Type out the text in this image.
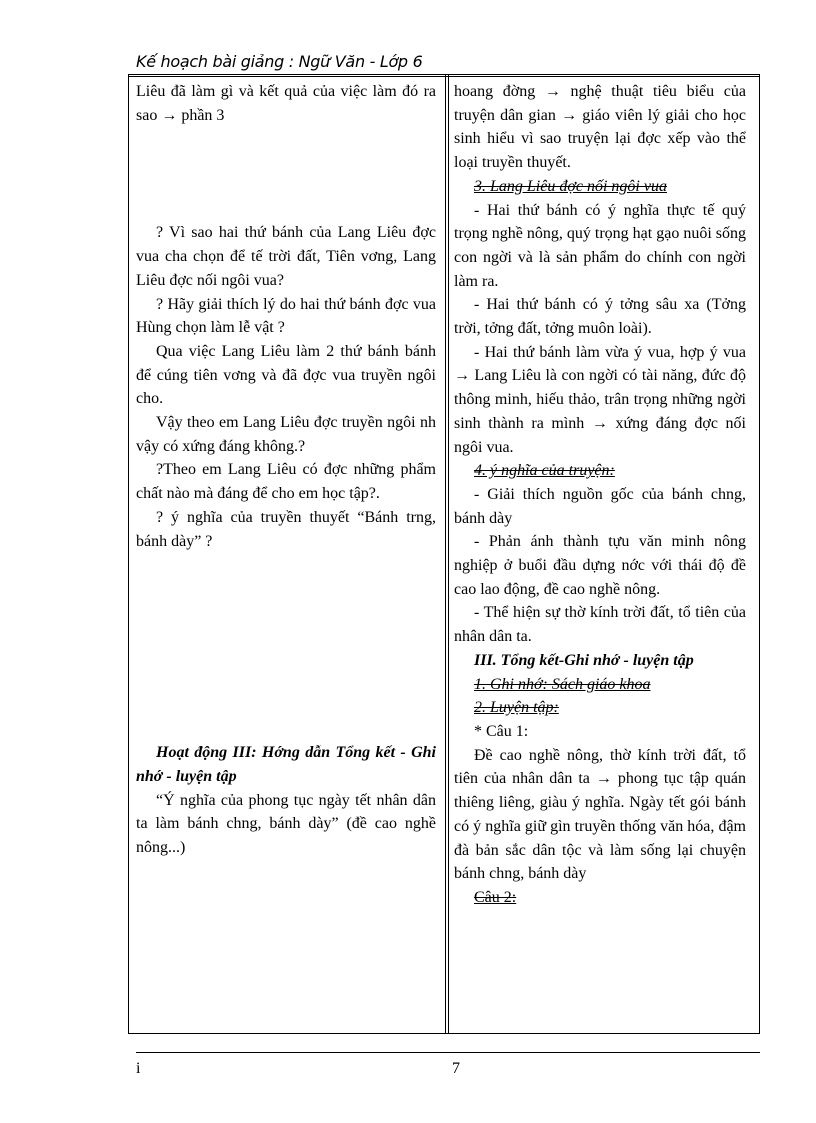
Kế hoạch bài giảng : Ngữ Văn - Lớp 6

Liêu đã làm gì và kết quả của việc làm đó ra sao → phần 3

? Vì sao hai thứ bánh của Lang Liêu đợc vua cha chọn để tế trời đất, Tiên vơng, Lang Liêu đợc nối ngôi vua?

? Hãy giải thích lý do hai thứ bánh đợc vua Hùng chọn làm lễ vật ?

Qua việc Lang Liêu làm 2 thứ bánh bánh để cúng tiên vơng và đã đợc vua truyền ngôi cho.

Vậy theo em Lang Liêu đợc truyền ngôi nh vậy có xứng đáng không.?

?Theo em Lang Liêu có đợc những phẩm chất nào mà đáng để cho em học tập?.

? ý nghĩa của truyền thuyết “Bánh trng, bánh dày” ?

Hoạt động III: Hớng dẫn Tổng kết - Ghi nhớ - luyện tập

“Ý nghĩa của phong tục ngày tết nhân dân ta làm bánh chng, bánh dày” (đề cao nghề nông...)

hoang đờng → nghệ thuật tiêu biểu của truyện dân gian → giáo viên lý giải cho học sinh hiểu vì sao truyện lại đợc xếp vào thể loại truyền thuyết.

3. Lang Liêu đợc nối ngôi vua

- Hai thứ bánh có ý nghĩa thực tế quý trọng nghề nông, quý trọng hạt gạo nuôi sống con ngời và là sản phẩm do chính con ngời làm ra.

- Hai thứ bánh có ý tởng sâu xa (Tởng trời, tởng đất, tởng muôn loài).

- Hai thứ bánh làm vừa ý vua, hợp ý vua → Lang Liêu là con ngời có tài năng, đức độ thông minh, hiếu thảo, trân trọng những ngời sinh thành ra mình → xứng đáng đợc nối ngôi vua.

4. ý nghĩa của truyện:

- Giải thích nguồn gốc của bánh chng, bánh dày

- Phản ánh thành tựu văn minh nông nghiệp ở buổi đầu dựng nớc với thái độ đề cao lao động, đề cao nghề nông.

- Thể hiện sự thờ kính trời đất, tổ tiên của nhân dân ta.

III. Tổng kết-Ghi nhớ - luyện tập

1. Ghi nhớ: Sách giáo khoa

2. Luyện tập:

* Câu 1:

Đề cao nghề nông, thờ kính trời đất, tổ tiên của nhân dân ta → phong tục tập quán thiêng liêng, giàu ý nghĩa. Ngày tết gói bánh có ý nghĩa giữ gìn truyền thống văn hóa, đậm đà bản sắc dân tộc và làm sống lại chuyện bánh chng, bánh dày

Câu 2:

i	7
